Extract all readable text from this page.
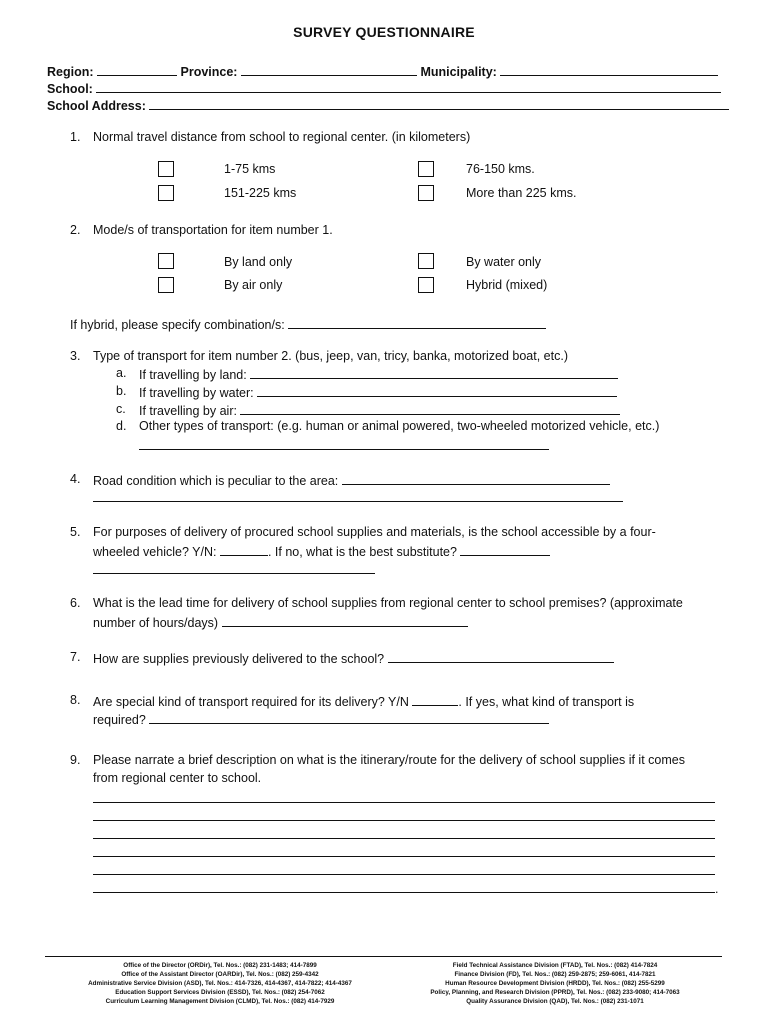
SURVEY QUESTIONNAIRE
Region:	Province:	Municipality:
School:
School Address:
1. Normal travel distance from school to regional center. (in kilometers)
1-75 kms	76-150 kms.
151-225 kms	More than 225 kms.
2. Mode/s of transportation for item number 1.
By land only	By water only
By air only	Hybrid (mixed)
If hybrid, please specify combination/s:
3. Type of transport for item number 2. (bus, jeep, van, tricy, banka, motorized boat, etc.)
a. If travelling by land:
b. If travelling by water:
c. If travelling by air:
d. Other types of transport: (e.g. human or animal powered, two-wheeled motorized vehicle, etc.)
4. Road condition which is peculiar to the area:
5. For purposes of delivery of procured school supplies and materials, is the school accessible by a four-
wheeled vehicle? Y/N:	. If no, what is the best substitute?
6. What is the lead time for delivery of school supplies from regional center to school premises? (approximate
number of hours/days)
7. How are supplies previously delivered to the school?
8. Are special kind of transport required for its delivery? Y/N	. If yes, what kind of transport is
required?
9. Please narrate a brief description on what is the itinerary/route for the delivery of school supplies if it comes
from regional center to school.
.
Office of the Director (ORDir), Tel. Nos.: (082) 231-1483; 414-7899
Office of the Assistant Director (OARDir), Tel. Nos.: (082) 259-4342
Administrative Service Division (ASD), Tel. Nos.: 414-7326, 414-4367, 414-7822; 414-4367
Education Support Services Division (ESSD), Tel. Nos.: (082) 254-7062
Curriculum Learning Management Division (CLMD), Tel. Nos.: (082) 414-7929
Field Technical Assistance Division (FTAD), Tel. Nos.: (082) 414-7824
Finance Division (FD), Tel. Nos.: (082) 259-2875; 259-6061, 414-7821
Human Resource Development Division (HRDD), Tel. Nos.: (082) 255-5299
Policy, Planning, and Research Division (PPRD), Tel. Nos.: (082) 233-9080; 414-7063
Quality Assurance Division (QAD), Tel. Nos.: (082) 231-1071
